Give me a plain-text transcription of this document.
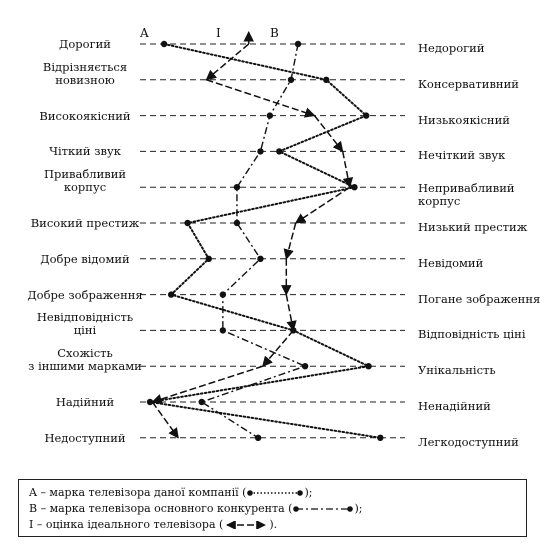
A	I	B
Дорогий	Недорогий
Відрізняється
новизною	Консервативний
Високоякісний	Низькоякісний
Чіткий звук	Нечіткий звук
Привабливий
корпус	Непривабливий
корпус
Високий престиж	Низький престиж
Добре відомий	Невідомий
Добре зображення	Погане зображення
Невідповідність
ціні	Відповідність ціні
Схожість
з іншими марками	Унікальність
Надійний	Ненадійний
Недоступний	Легкодоступний
A – марка телевізора даної компанії (	);
B – марка телевізора основного конкурента (	);
I – оцінка ідеального телевізора (	).
